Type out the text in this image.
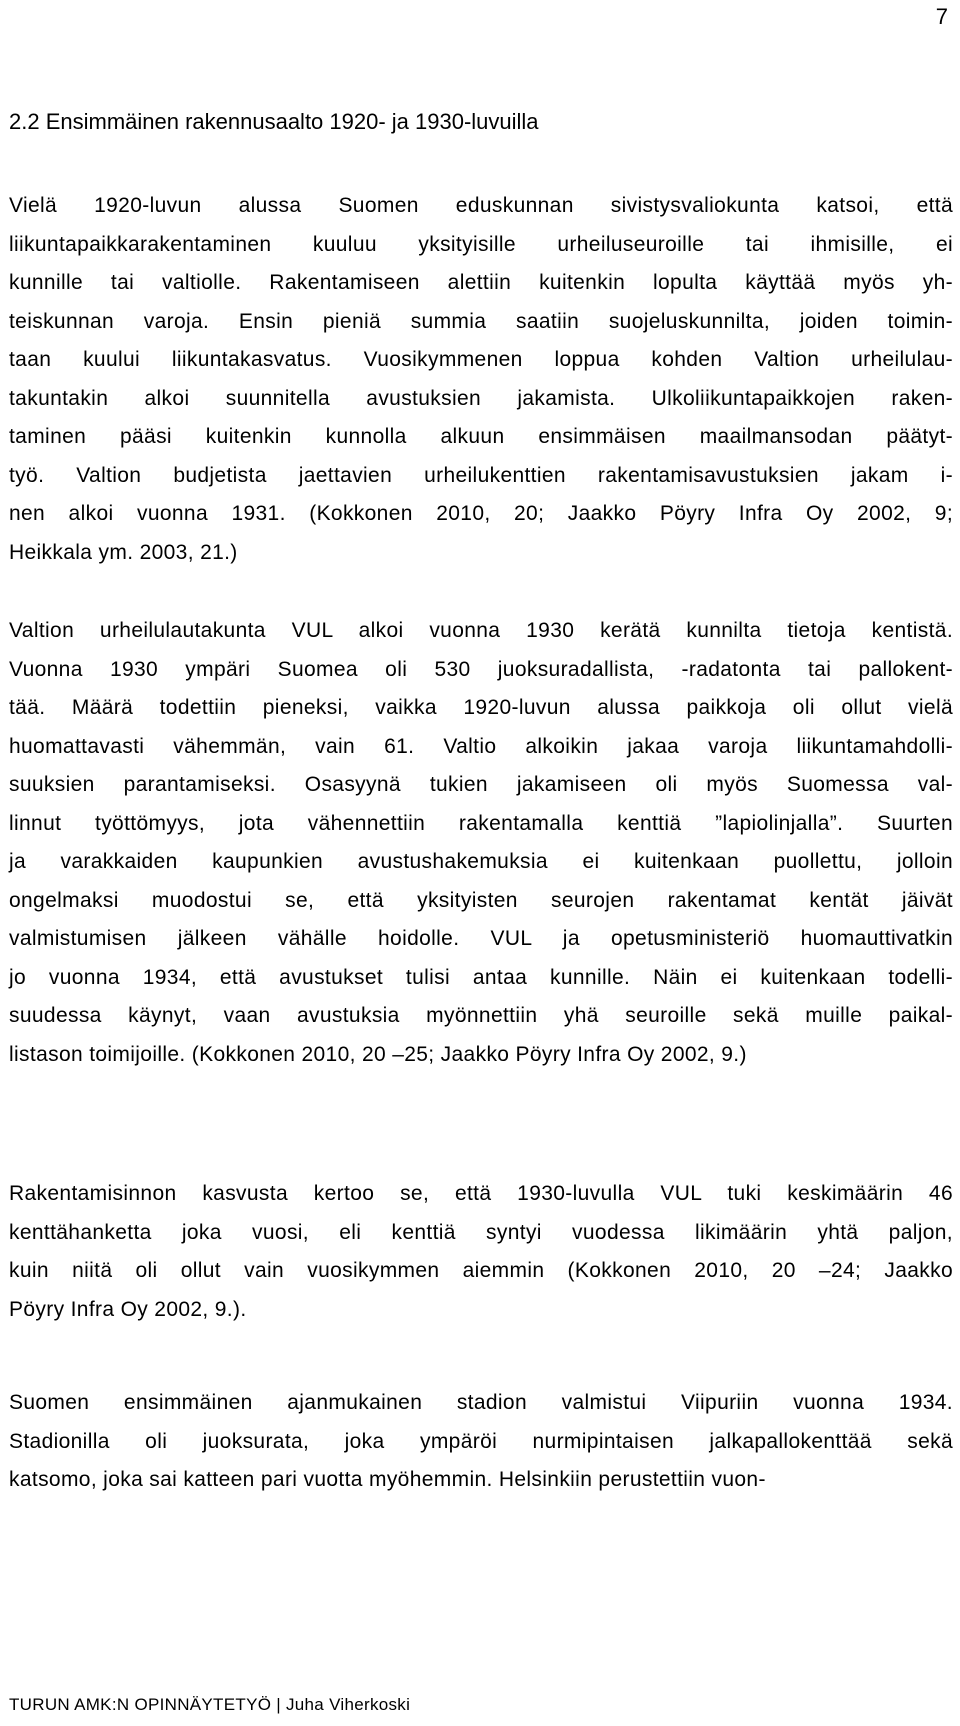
7
2.2 Ensimmäinen rakennusaalto 1920- ja 1930-luvuilla
Vielä 1920-luvun alussa Suomen eduskunnan sivistysvaliokunta katsoi, että
liikuntapaikkarakentaminen kuuluu yksityisille urheiluseuroille tai ihmisille, ei
kunnille tai valtiolle. Rakentamiseen alettiin kuitenkin lopulta käyttää myös yh-
teiskunnan varoja. Ensin pieniä summia saatiin suojeluskunnilta, joiden toimin-
taan kuului liikuntakasvatus. Vuosikymmenen loppua kohden Valtion urheilulau-
takuntakin alkoi suunnitella avustuksien jakamista. Ulkoliikuntapaikkojen raken-
taminen pääsi kuitenkin kunnolla alkuun ensimmäisen maailmansodan päätyt-
työ. Valtion budjetista jaettavien urheilukenttien rakentamisavustuksien jakam i-
nen alkoi vuonna 1931. (Kokkonen 2010, 20; Jaakko Pöyry Infra Oy 2002, 9;
Heikkala ym. 2003, 21.)
Valtion urheilulautakunta VUL alkoi vuonna 1930 kerätä kunnilta tietoja kentistä.
Vuonna 1930 ympäri Suomea oli 530 juoksuradallista, -radatonta tai pallokent-
tää. Määrä todettiin pieneksi, vaikka 1920-luvun alussa paikkoja oli ollut vielä
huomattavasti vähemmän, vain 61. Valtio alkoikin jakaa varoja liikuntamahdolli-
suuksien parantamiseksi. Osasyynä tukien jakamiseen oli myös Suomessa val-
linnut työttömyys, jota vähennettiin rakentamalla kenttiä ”lapiolinjalla”. Suurten
ja varakkaiden kaupunkien avustushakemuksia ei kuitenkaan puollettu, jolloin
ongelmaksi muodostui se, että yksityisten seurojen rakentamat kentät jäivät
valmistumisen jälkeen vähälle hoidolle. VUL ja opetusministeriö huomauttivatkin
jo vuonna 1934, että avustukset tulisi antaa kunnille. Näin ei kuitenkaan todelli-
suudessa käynyt, vaan avustuksia myönnettiin yhä seuroille sekä muille paikal-
listason toimijoille. (Kokkonen 2010, 20 –25; Jaakko Pöyry Infra Oy 2002, 9.)
Rakentamisinnon kasvusta kertoo se, että 1930-luvulla VUL tuki keskimäärin 46
kenttähanketta joka vuosi, eli kenttiä syntyi vuodessa likimäärin yhtä paljon,
kuin niitä oli ollut vain vuosikymmen aiemmin (Kokkonen 2010, 20 –24; Jaakko
Pöyry Infra Oy 2002, 9.).
Suomen ensimmäinen ajanmukainen stadion valmistui Viipuriin vuonna 1934.
Stadionilla oli juoksurata, joka ympäröi nurmipintaisen jalkapallokenttää sekä
katsomo, joka sai katteen pari vuotta myöhemmin. Helsinkiin perustettiin vuon-
TURUN AMK:N OPINNÄYTETYÖ | Juha Viherkoski
